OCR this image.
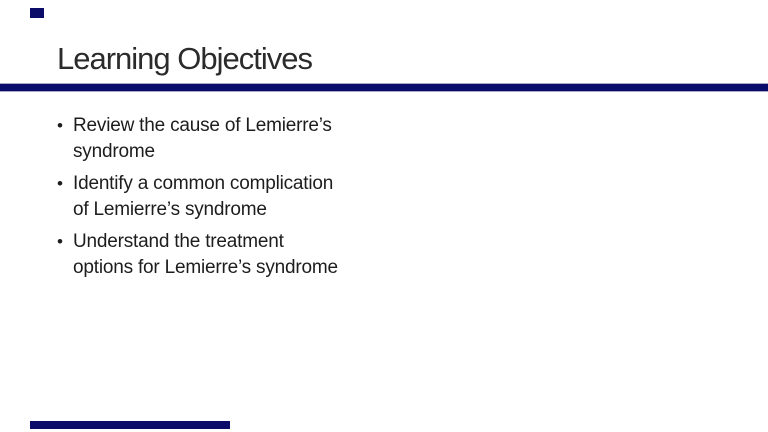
Learning Objectives
• Review the cause of Lemierre’s
syndrome
• Identify a common complication
of Lemierre’s syndrome
• Understand the treatment
options for Lemierre’s syndrome
